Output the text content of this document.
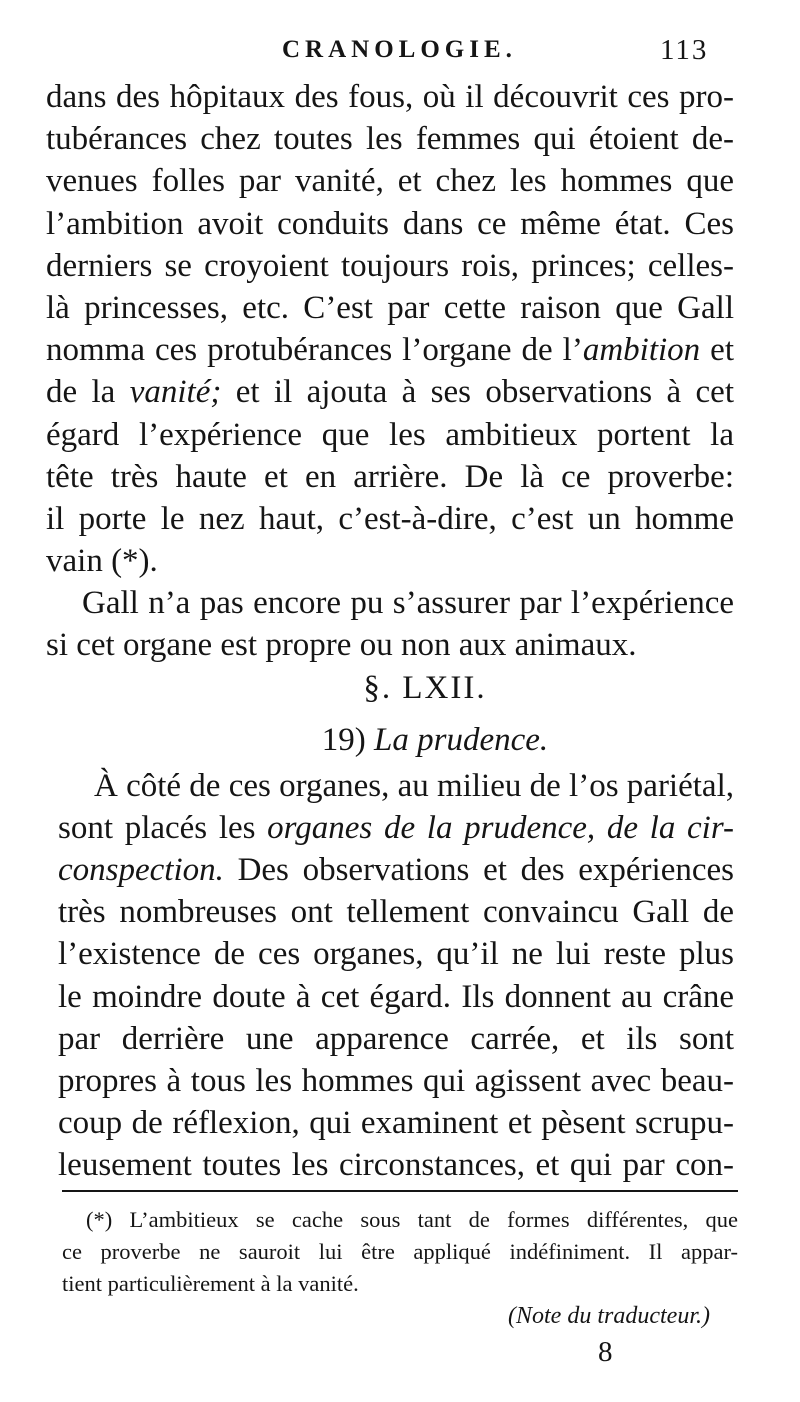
CRANOLOGIE.	113
dans des hôpitaux des fous, où il découvrit ces pro-
tubérances chez toutes les femmes qui étoient de-
venues folles par vanité, et chez les hommes que
l’ambition avoit conduits dans ce même état. Ces
derniers se croyoient toujours rois, princes; celles-
là princesses, etc. C’est par cette raison que Gall
nomma ces protubérances l’organe de l’ambition et
de la vanité; et il ajouta à ses observations à cet
égard l’expérience que les ambitieux portent la
tête très haute et en arrière. De là ce proverbe:
il porte le nez haut, c’est-à-dire, c’est un homme
vain (*).
Gall n’a pas encore pu s’assurer par l’expérience
si cet organe est propre ou non aux animaux.
§. LXII.
19) La prudence.
À côté de ces organes, au milieu de l’os pariétal,
sont placés les organes de la prudence, de la cir-
conspection. Des observations et des expériences
très nombreuses ont tellement convaincu Gall de
l’existence de ces organes, qu’il ne lui reste plus
le moindre doute à cet égard. Ils donnent au crâne
par derrière une apparence carrée, et ils sont
propres à tous les hommes qui agissent avec beau-
coup de réflexion, qui examinent et pèsent scrupu-
leusement toutes les circonstances, et qui par con-
(*) L’ambitieux se cache sous tant de formes différentes, que
ce proverbe ne sauroit lui être appliqué indéfiniment. Il appar-
tient particulièrement à la vanité.
(Note du traducteur.)
8
